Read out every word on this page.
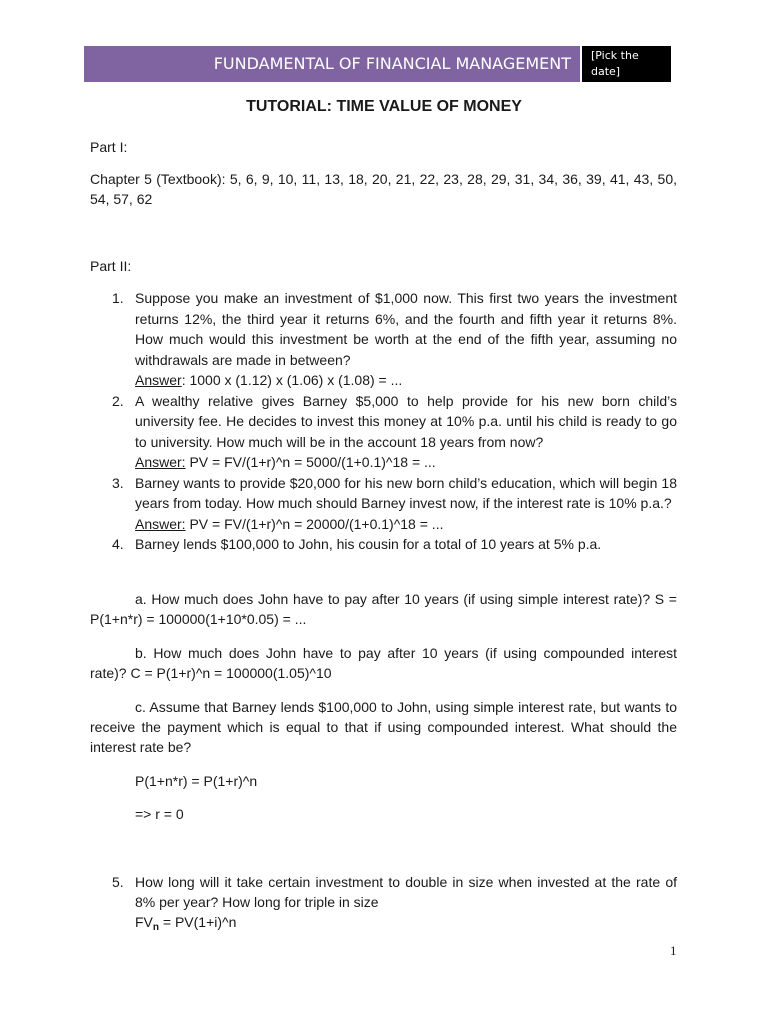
FUNDAMENTAL OF FINANCIAL MANAGEMENT	[Pick the
date]
TUTORIAL: TIME VALUE OF MONEY
Part I:
Chapter 5 (Textbook): 5, 6, 9, 10, 11, 13, 18, 20, 21, 22, 23, 28, 29, 31, 34, 36, 39, 41, 43, 50, 54, 57, 62
Part II:
1. Suppose you make an investment of $1,000 now. This first two years the investment returns 12%, the third year it returns 6%, and the fourth and fifth year it returns 8%. How much would this investment be worth at the end of the fifth year, assuming no withdrawals are made in between?
Answer: 1000 x (1.12) x (1.06) x (1.08) = ...
2. A wealthy relative gives Barney $5,000 to help provide for his new born child’s university fee. He decides to invest this money at 10% p.a. until his child is ready to go to university. How much will be in the account 18 years from now?
Answer: PV = FV/(1+r)^n = 5000/(1+0.1)^18 = ...
3. Barney wants to provide $20,000 for his new born child’s education, which will begin 18 years from today. How much should Barney invest now, if the interest rate is 10% p.a.?
Answer: PV = FV/(1+r)^n = 20000/(1+0.1)^18 = ...
4. Barney lends $100,000 to John, his cousin for a total of 10 years at 5% p.a.
a. How much does John have to pay after 10 years (if using simple interest rate)? S = P(1+n*r) = 100000(1+10*0.05) = ...
b. How much does John have to pay after 10 years (if using compounded interest rate)? C = P(1+r)^n = 100000(1.05)^10
c. Assume that Barney lends $100,000 to John, using simple interest rate, but wants to receive the payment which is equal to that if using compounded interest. What should the interest rate be?
P(1+n*r) = P(1+r)^n
=> r = 0
5. How long will it take certain investment to double in size when invested at the rate of 8% per year? How long for triple in size
$FV_n$ = PV(1+i)^n
1
